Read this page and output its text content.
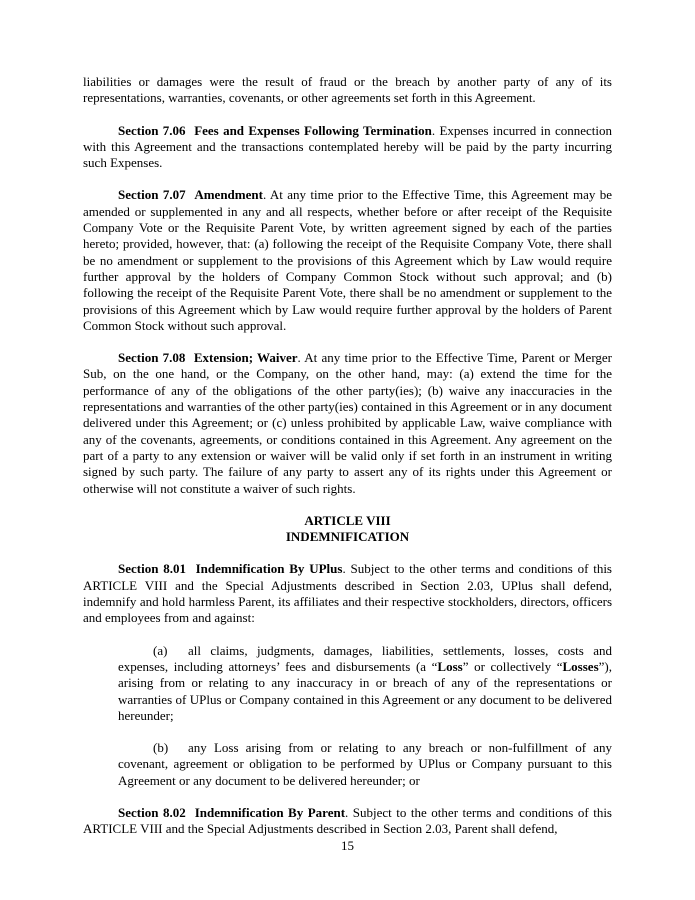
liabilities or damages were the result of fraud or the breach by another party of any of its representations, warranties, covenants, or other agreements set forth in this Agreement.

Section 7.06  Fees and Expenses Following Termination. Expenses incurred in connection with this Agreement and the transactions contemplated hereby will be paid by the party incurring such Expenses.

Section 7.07  Amendment. At any time prior to the Effective Time, this Agreement may be amended or supplemented in any and all respects, whether before or after receipt of the Requisite Company Vote or the Requisite Parent Vote, by written agreement signed by each of the parties hereto; provided, however, that: (a) following the receipt of the Requisite Company Vote, there shall be no amendment or supplement to the provisions of this Agreement which by Law would require further approval by the holders of Company Common Stock without such approval; and (b) following the receipt of the Requisite Parent Vote, there shall be no amendment or supplement to the provisions of this Agreement which by Law would require further approval by the holders of Parent Common Stock without such approval.

Section 7.08  Extension; Waiver. At any time prior to the Effective Time, Parent or Merger Sub, on the one hand, or the Company, on the other hand, may: (a) extend the time for the performance of any of the obligations of the other party(ies); (b) waive any inaccuracies in the representations and warranties of the other party(ies) contained in this Agreement or in any document delivered under this Agreement; or (c) unless prohibited by applicable Law, waive compliance with any of the covenants, agreements, or conditions contained in this Agreement. Any agreement on the part of a party to any extension or waiver will be valid only if set forth in an instrument in writing signed by such party. The failure of any party to assert any of its rights under this Agreement or otherwise will not constitute a waiver of such rights.

ARTICLE VIII
INDEMNIFICATION

Section 8.01  Indemnification By UPlus. Subject to the other terms and conditions of this ARTICLE VIII and the Special Adjustments described in Section 2.03, UPlus shall defend, indemnify and hold harmless Parent, its affiliates and their respective stockholders, directors, officers and employees from and against:

(a) all claims, judgments, damages, liabilities, settlements, losses, costs and expenses, including attorneys’ fees and disbursements (a “Loss” or collectively “Losses”), arising from or relating to any inaccuracy in or breach of any of the representations or warranties of UPlus or Company contained in this Agreement or any document to be delivered hereunder;

(b) any Loss arising from or relating to any breach or non-fulfillment of any covenant, agreement or obligation to be performed by UPlus or Company pursuant to this Agreement or any document to be delivered hereunder; or

Section 8.02  Indemnification By Parent. Subject to the other terms and conditions of this ARTICLE VIII and the Special Adjustments described in Section 2.03, Parent shall defend,

15
